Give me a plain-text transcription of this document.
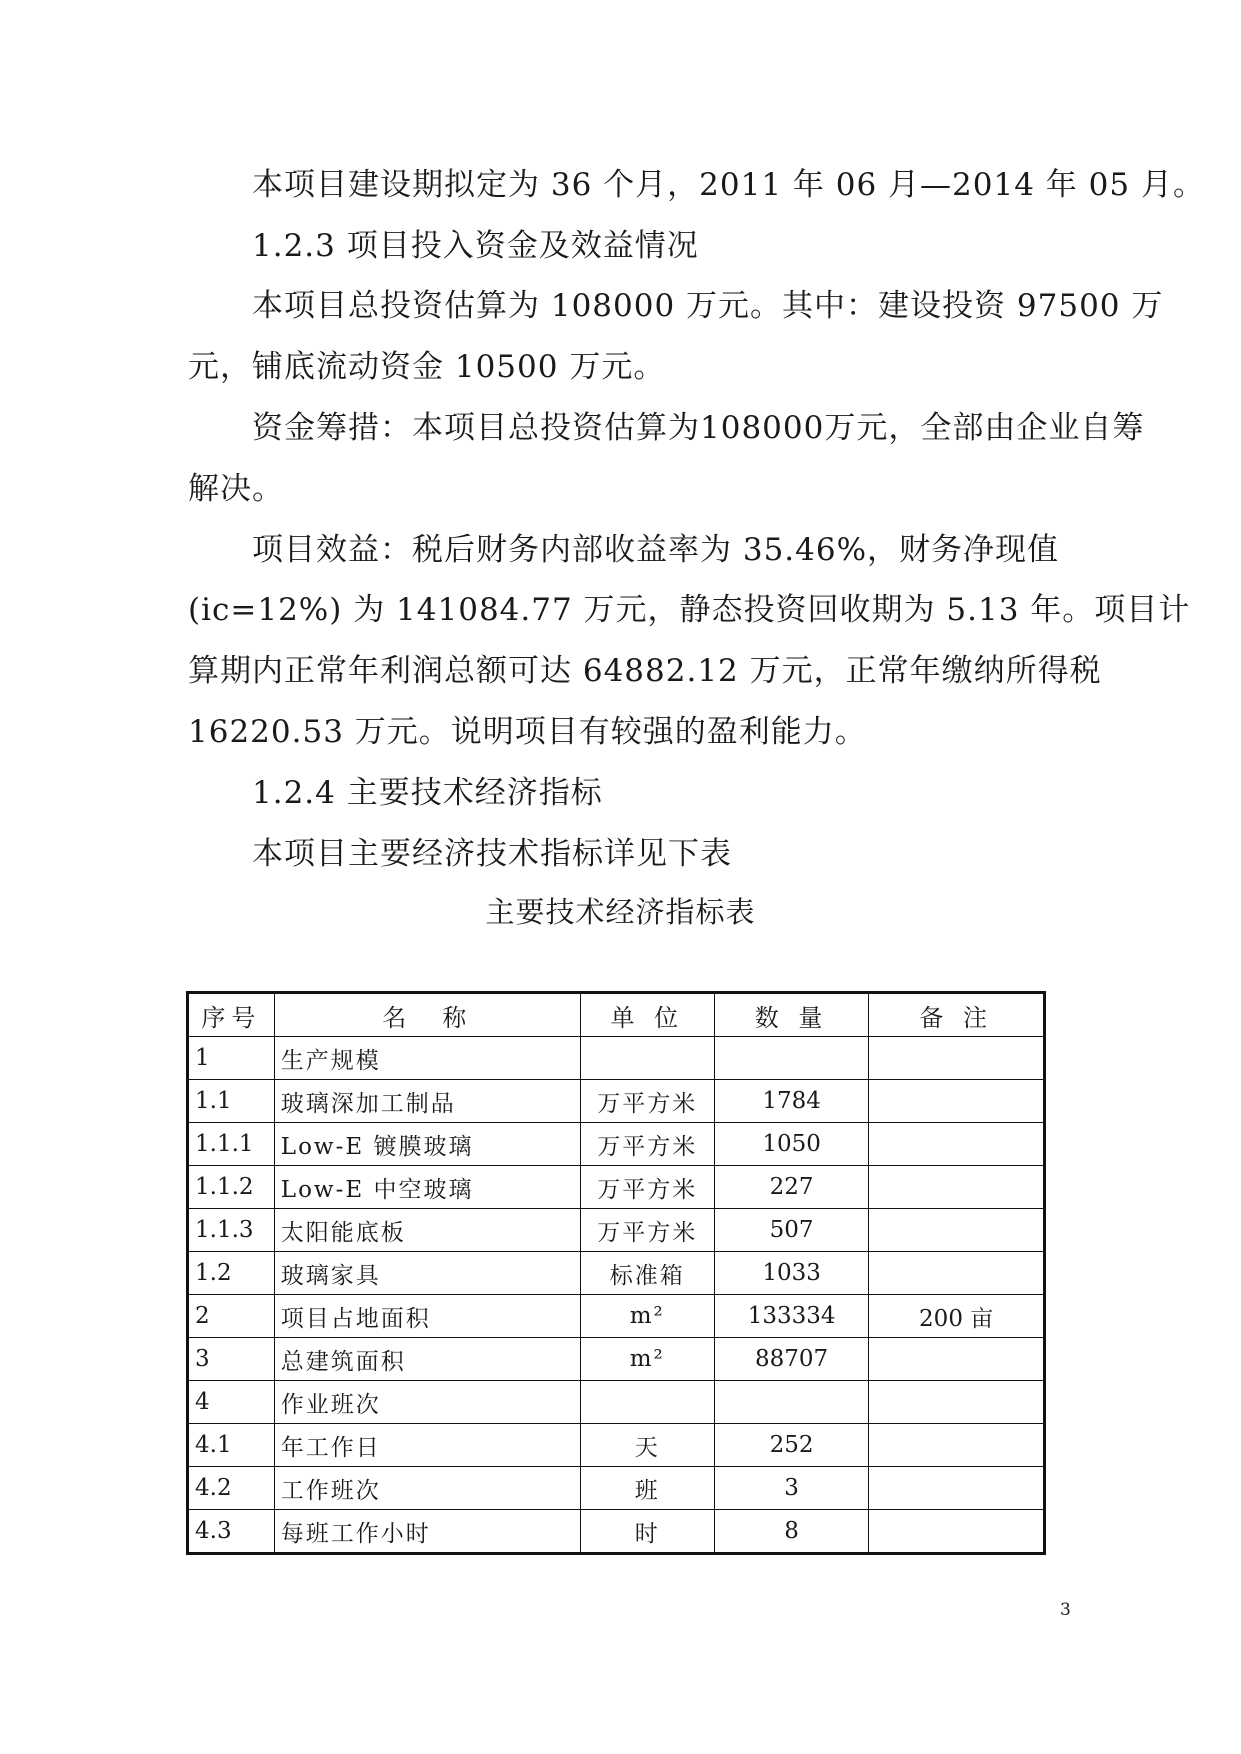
本项目建设期拟定为 36 个月，2011 年 06 月—2014 年 05 月。

1.2.3 项目投入资金及效益情况

本项目总投资估算为 108000 万元。其中：建设投资 97500 万

元，铺底流动资金 10500 万元。

资金筹措：本项目总投资估算为108000万元，全部由企业自筹

解决。

项目效益：税后财务内部收益率为 35.46%，财务净现值

(ic=12%) 为 141084.77 万元，静态投资回收期为 5.13 年。项目计

算期内正常年利润总额可达 64882.12 万元，正常年缴纳所得税

16220.53 万元。说明项目有较强的盈利能力。

1.2.4 主要技术经济指标

本项目主要经济技术指标详见下表

主要技术经济指标表
序号	名　称	单 位	数 量	备 注
1	生产规模			
1.1	玻璃深加工制品	万平方米	1784	
1.1.1	Low-E 镀膜玻璃	万平方米	1050	
1.1.2	Low-E 中空玻璃	万平方米	227	
1.1.3	太阳能底板	万平方米	507	
1.2	玻璃家具	标准箱	1033	
2	项目占地面积	m²	133334	200 亩
3	总建筑面积	m²	88707	
4	作业班次			
4.1	年工作日	天	252	
4.2	工作班次	班	3	
4.3	每班工作小时	时	8	
3
